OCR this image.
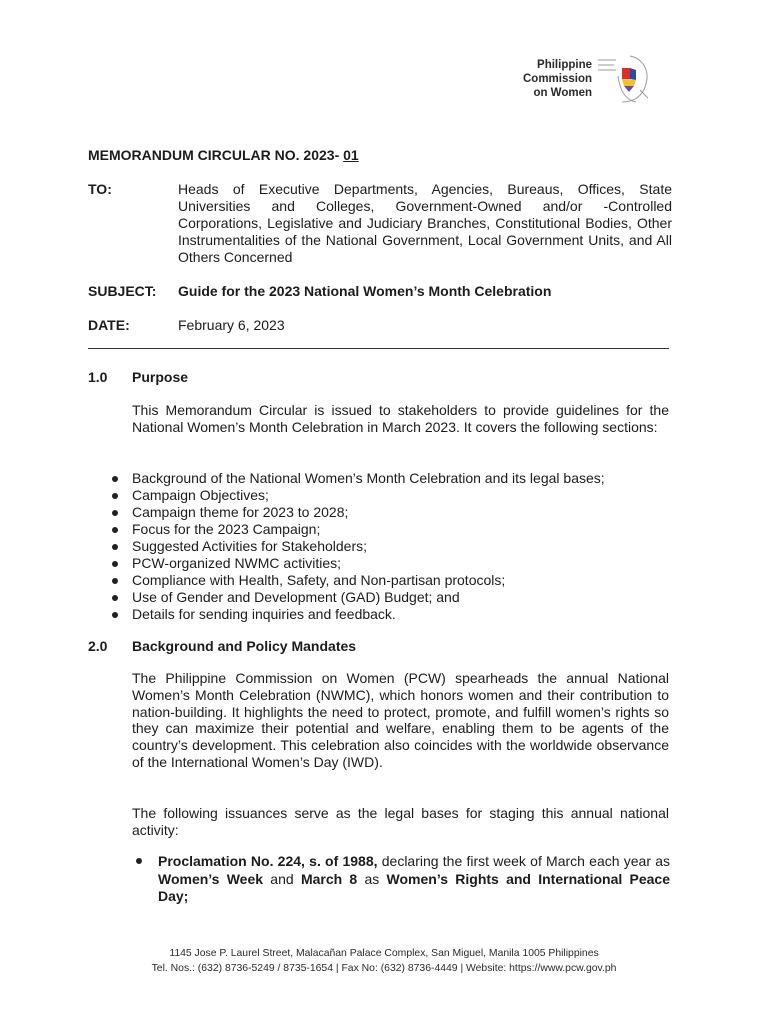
Philippine
Commission
on Women
MEMORANDUM CIRCULAR NO. 2023- 01
TO:	Heads of Executive Departments, Agencies, Bureaus, Offices, State Universities and Colleges, Government-Owned and/or -Controlled Corporations, Legislative and Judiciary Branches, Constitutional Bodies, Other Instrumentalities of the National Government, Local Government Units, and All Others Concerned

SUBJECT: Guide for the 2023 National Women’s Month Celebration
DATE:	February 6, 2023
1.0 Purpose

This Memorandum Circular is issued to stakeholders to provide guidelines for the National Women’s Month Celebration in March 2023. It covers the following sections:

Background of the National Women’s Month Celebration and its legal bases;
Campaign Objectives;
Campaign theme for 2023 to 2028;
Focus for the 2023 Campaign;
Suggested Activities for Stakeholders;
PCW-organized NWMC activities;
Compliance with Health, Safety, and Non-partisan protocols;
Use of Gender and Development (GAD) Budget; and
Details for sending inquiries and feedback.
2.0 Background and Policy Mandates

The Philippine Commission on Women (PCW) spearheads the annual National Women’s Month Celebration (NWMC), which honors women and their contribution to nation-building. It highlights the need to protect, promote, and fulfill women’s rights so they can maximize their potential and welfare, enabling them to be agents of the country’s development. This celebration also coincides with the worldwide observance of the International Women’s Day (IWD).

The following issuances serve as the legal bases for staging this annual national activity:

Proclamation No. 224, s. of 1988, declaring the first week of March each year as Women’s Week and March 8 as Women’s Rights and International Peace Day;
1145 Jose P. Laurel Street, Malacañan Palace Complex, San Miguel, Manila 1005 Philippines
Tel. Nos.: (632) 8736-5249 / 8735-1654 | Fax No: (632) 8736-4449 | Website: https://www.pcw.gov.ph
